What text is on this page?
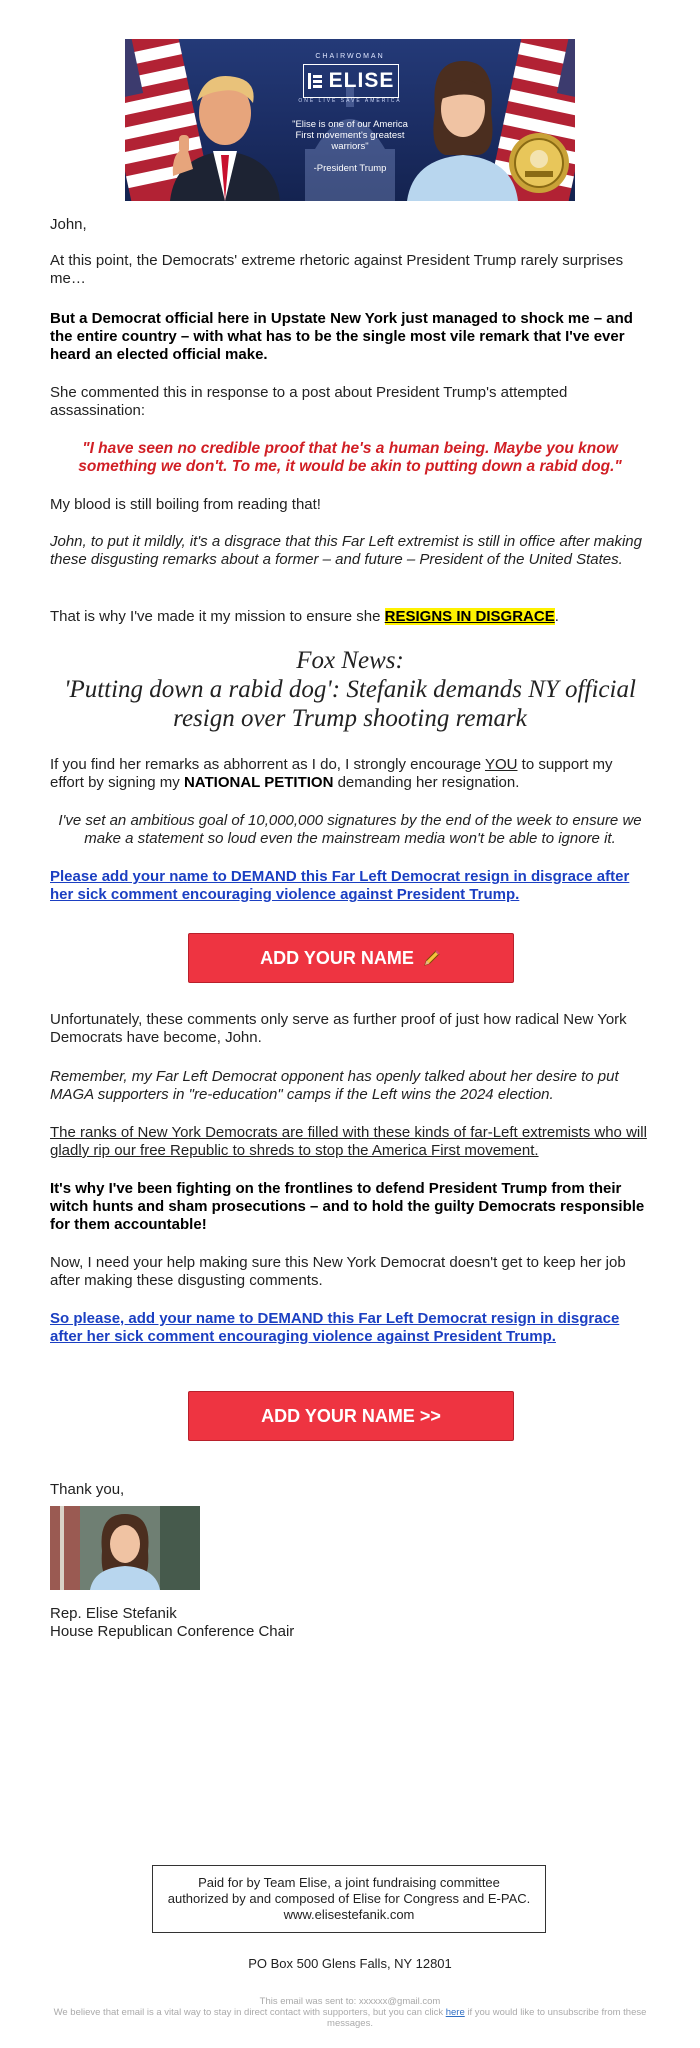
CHAIRWOMAN
ELISE
ONE LIVE SAVE AMERICA
"Elise is one of our America First movement's greatest warriors"
-President Trump

John,

At this point, the Democrats' extreme rhetoric against President Trump rarely surprises me…

But a Democrat official here in Upstate New York just managed to shock me – and the entire country – with what has to be the single most vile remark that I've ever heard an elected official make.

She commented this in response to a post about President Trump's attempted assassination:

"I have seen no credible proof that he's a human being. Maybe you know something we don't. To me, it would be akin to putting down a rabid dog."

My blood is still boiling from reading that!

John, to put it mildly, it's a disgrace that this Far Left extremist is still in office after making these disgusting remarks about a former – and future – President of the United States.

That is why I've made it my mission to ensure she RESIGNS IN DISGRACE.

Fox News:

'Putting down a rabid dog': Stefanik demands NY official resign over Trump shooting remark

If you find her remarks as abhorrent as I do, I strongly encourage YOU to support my effort by signing my NATIONAL PETITION demanding her resignation.

I've set an ambitious goal of 10,000,000 signatures by the end of the week to ensure we make a statement so loud even the mainstream media won't be able to ignore it.

Please add your name to DEMAND this Far Left Democrat resign in disgrace after her sick comment encouraging violence against President Trump.

ADD YOUR NAME

Unfortunately, these comments only serve as further proof of just how radical New York Democrats have become, John.

Remember, my Far Left Democrat opponent has openly talked about her desire to put MAGA supporters in "re-education" camps if the Left wins the 2024 election.

The ranks of New York Democrats are filled with these kinds of far-Left extremists who will gladly rip our free Republic to shreds to stop the America First movement.

It's why I've been fighting on the frontlines to defend President Trump from their witch hunts and sham prosecutions – and to hold the guilty Democrats responsible for them accountable!

Now, I need your help making sure this New York Democrat doesn't get to keep her job after making these disgusting comments.

So please, add your name to DEMAND this Far Left Democrat resign in disgrace after her sick comment encouraging violence against President Trump.

ADD YOUR NAME >>

Thank you,

Rep. Elise Stefanik

House Republican Conference Chair

Paid for by Team Elise, a joint fundraising committee authorized by and composed of Elise for Congress and E-PAC. www.elisestefanik.com
PO Box 500 Glens Falls, NY 12801
This email was sent to: xxxxxx@gmail.com
We believe that email is a vital way to stay in direct contact with supporters, but you can click here if you would like to unsubscribe from these messages.
